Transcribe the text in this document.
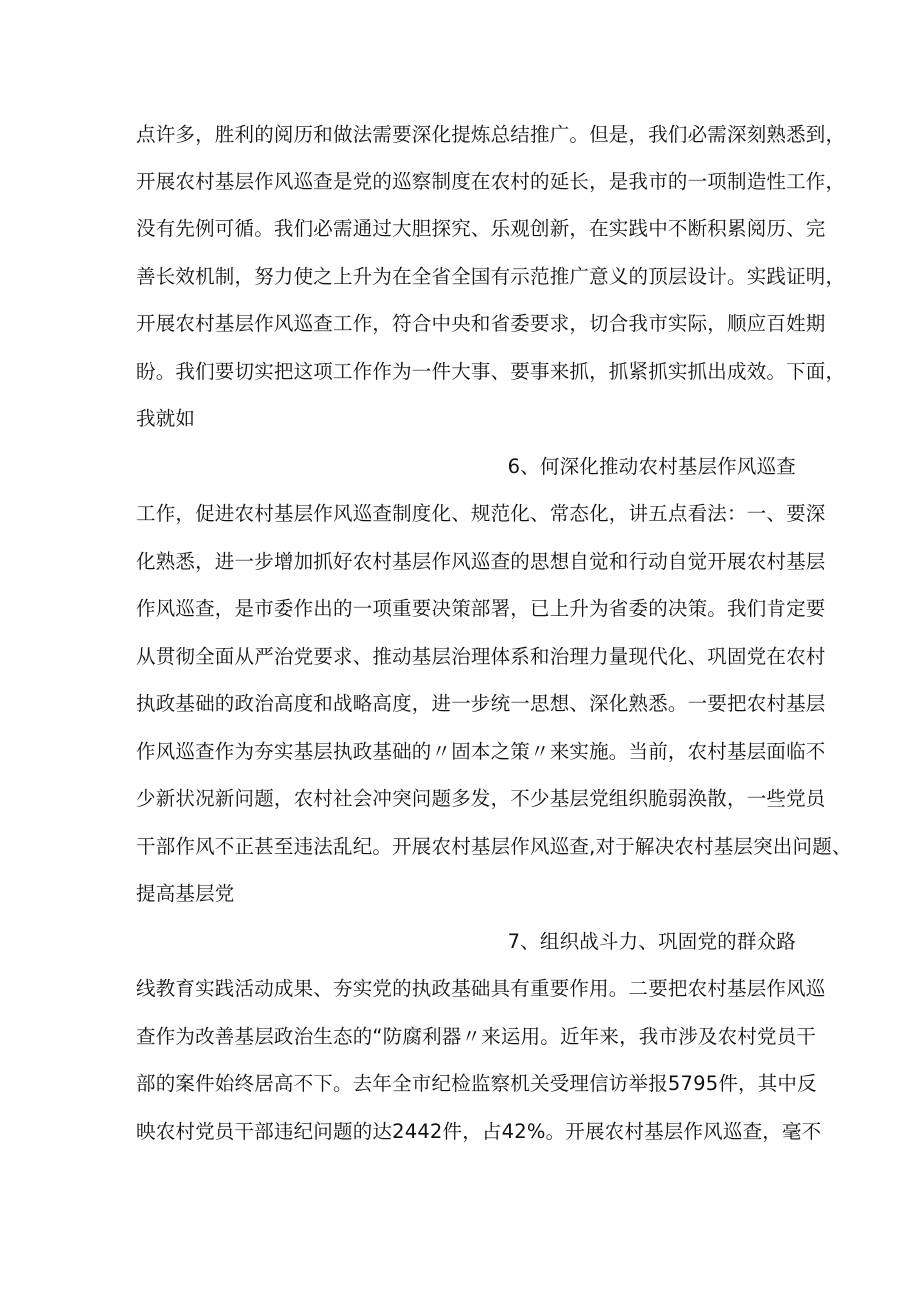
点许多，胜利的阅历和做法需要深化提炼总结推广。但是，我们必需深刻熟悉到，
开展农村基层作风巡查是党的巡察制度在农村的延长，是我市的一项制造性工作，
没有先例可循。我们必需通过大胆探究、乐观创新，在实践中不断积累阅历、完
善长效机制，努力使之上升为在全省全国有示范推广意义的顶层设计。实践证明，
开展农村基层作风巡查工作，符合中央和省委要求，切合我市实际，顺应百姓期
盼。我们要切实把这项工作作为一件大事、要事来抓，抓紧抓实抓出成效。下面，
我就如
6、何深化推动农村基层作风巡查
工作，促进农村基层作风巡查制度化、规范化、常态化，讲五点看法：一、要深
化熟悉，进一步增加抓好农村基层作风巡查的思想自觉和行动自觉开展农村基层
作风巡查，是市委作出的一项重要决策部署，已上升为省委的决策。我们肯定要
从贯彻全面从严治党要求、推动基层治理体系和治理力量现代化、巩固党在农村
执政基础的政治高度和战略高度，进一步统一思想、深化熟悉。一要把农村基层
作风巡查作为夯实基层执政基础的〃固本之策〃来实施。当前，农村基层面临不
少新状况新问题，农村社会冲突问题多发，不少基层党组织脆弱涣散，一些党员
干部作风不正甚至违法乱纪。开展农村基层作风巡查,对于解决农村基层突出问题、
提高基层党
7、组织战斗力、巩固党的群众路
线教育实践活动成果、夯实党的执政基础具有重要作用。二要把农村基层作风巡
查作为改善基层政治生态的“防腐利器〃来运用。近年来，我市涉及农村党员干
部的案件始终居高不下。去年全市纪检监察机关受理信访举报5795件，其中反
映农村党员干部违纪问题的达2442件，占42%。开展农村基层作风巡查，毫不
